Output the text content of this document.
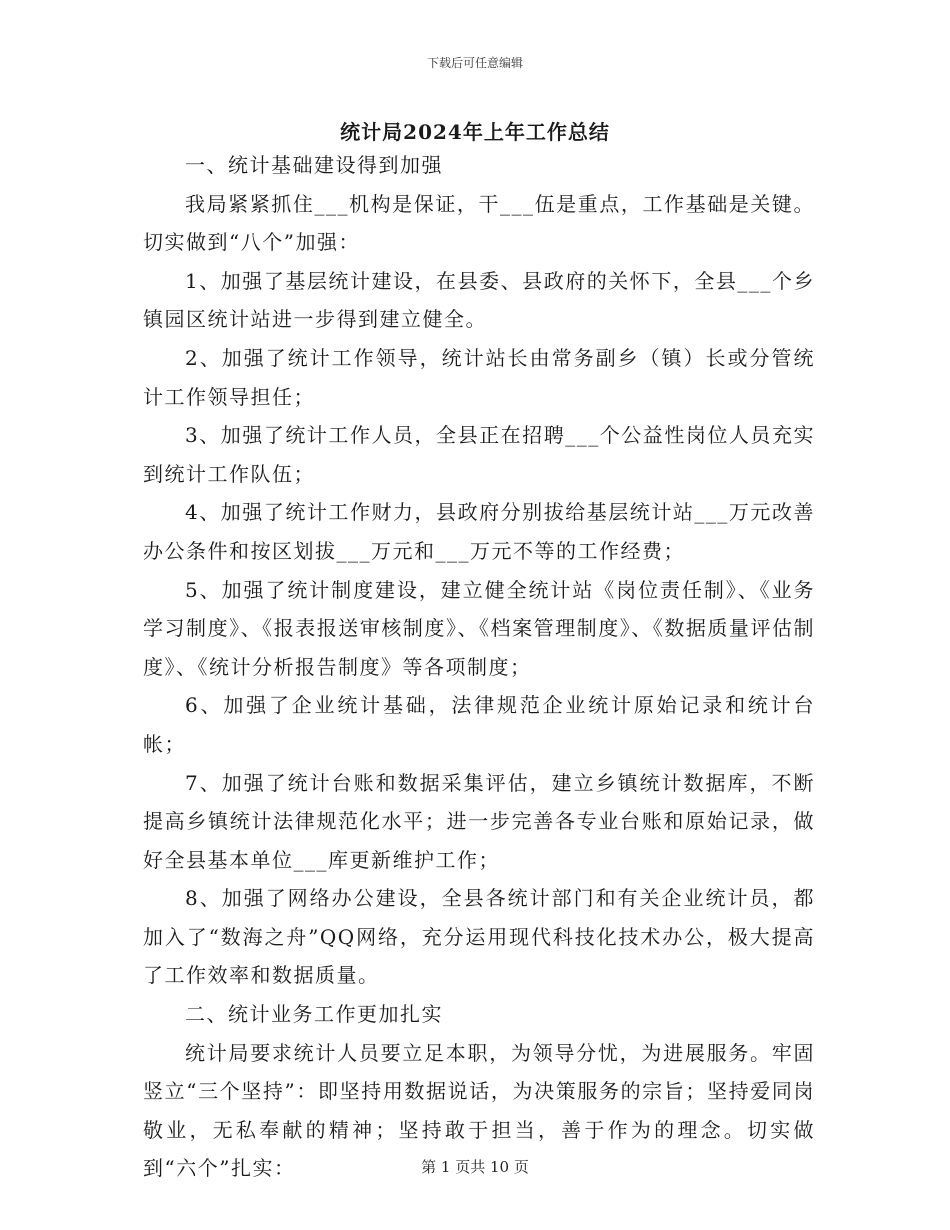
下载后可任意编辑
统计局2024年上年工作总结

一、统计基础建设得到加强

我局紧紧抓住___机构是保证，干___伍是重点，工作基础是关键。切实做到“八个”加强：

1、加强了基层统计建设，在县委、县政府的关怀下，全县___个乡镇园区统计站进一步得到建立健全。

2、加强了统计工作领导，统计站长由常务副乡（镇）长或分管统计工作领导担任；

3、加强了统计工作人员，全县正在招聘___个公益性岗位人员充实到统计工作队伍；

4、加强了统计工作财力，县政府分别拔给基层统计站___万元改善办公条件和按区划拔___万元和___万元不等的工作经费；

5、加强了统计制度建设，建立健全统计站《岗位责任制》、《业务学习制度》、《报表报送审核制度》、《档案管理制度》、《数据质量评估制度》、《统计分析报告制度》等各项制度；

6、加强了企业统计基础，法律规范企业统计原始记录和统计台帐；

7、加强了统计台账和数据采集评估，建立乡镇统计数据库，不断提高乡镇统计法律规范化水平；进一步完善各专业台账和原始记录，做好全县基本单位___库更新维护工作；

8、加强了网络办公建设，全县各统计部门和有关企业统计员，都加入了“数海之舟”QQ网络，充分运用现代科技化技术办公，极大提高了工作效率和数据质量。

二、统计业务工作更加扎实

统计局要求统计人员要立足本职，为领导分忧，为进展服务。牢固竖立“三个坚持”：即坚持用数据说话，为决策服务的宗旨；坚持爱同岗敬业，无私奉献的精神；坚持敢于担当，善于作为的理念。切实做到“六个”扎实：	第 1 页共 10 页
